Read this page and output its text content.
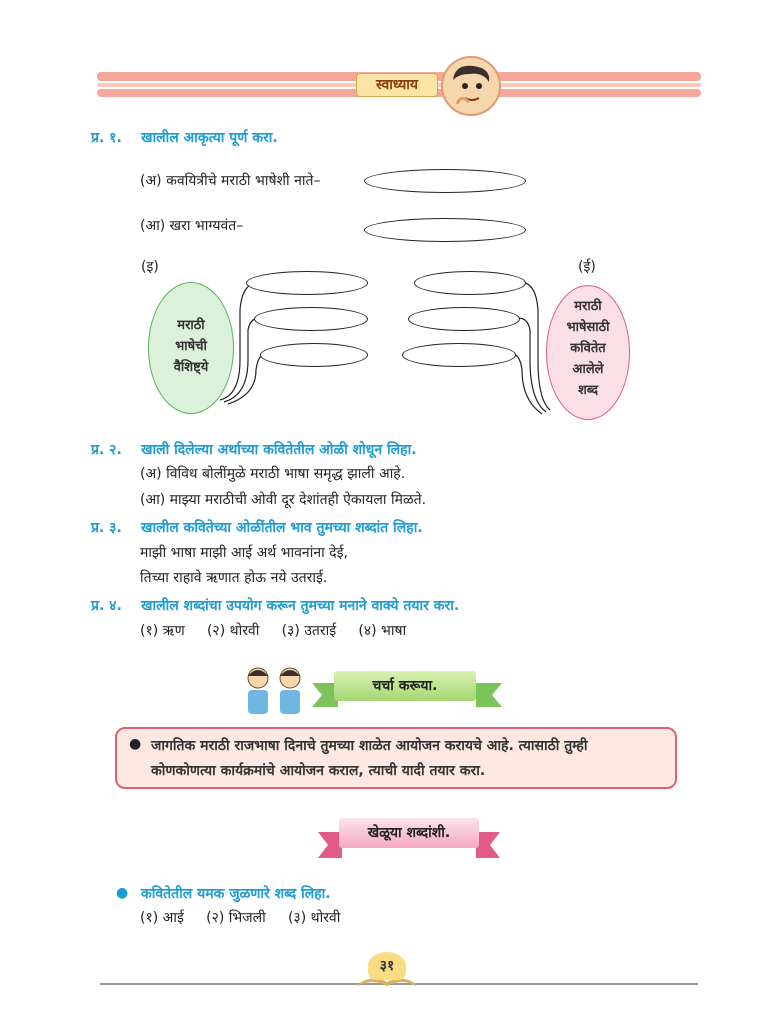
स्वाध्याय
प्र. १. खालील आकृत्या पूर्ण करा.
(अ) कवयित्रीचे मराठी भाषेशी नाते–
(आ) खरा भाग्यवंत–
(इ)	(ई)
मराठी
भाषेची
वैशिष्ट्ये
मराठी
भाषेसाठी
कवितेत
आलेले
शब्द
प्र. २. खाली दिलेल्या अर्थाच्या कवितेतील ओळी शोधून लिहा.
(अ) विविध बोलींमुळे मराठी भाषा समृद्ध झाली आहे.
(आ) माझ्या मराठीची ओवी दूर देशांतही ऐकायला मिळते.
प्र. ३. खालील कवितेच्या ओळींतील भाव तुमच्या शब्दांत लिहा.
माझी भाषा माझी आई अर्थ भावनांना देई,
तिच्या राहावे ऋणात होऊ नये उतराई.
प्र. ४. खालील शब्दांचा उपयोग करून तुमच्या मनाने वाक्ये तयार करा.
(१) ऋण     (२) थोरवी     (३) उतराई     (४) भाषा
चर्चा करूया.
● जागतिक मराठी राजभाषा दिनाचे तुमच्या शाळेत आयोजन करायचे आहे. त्यासाठी तुम्ही
कोणकोणत्या कार्यक्रमांचे आयोजन कराल, त्याची यादी तयार करा.
खेळूया शब्दांशी.
● कवितेतील यमक जुळणारे शब्द लिहा.
(१) आई     (२) भिजली     (३) थोरवी
३१
